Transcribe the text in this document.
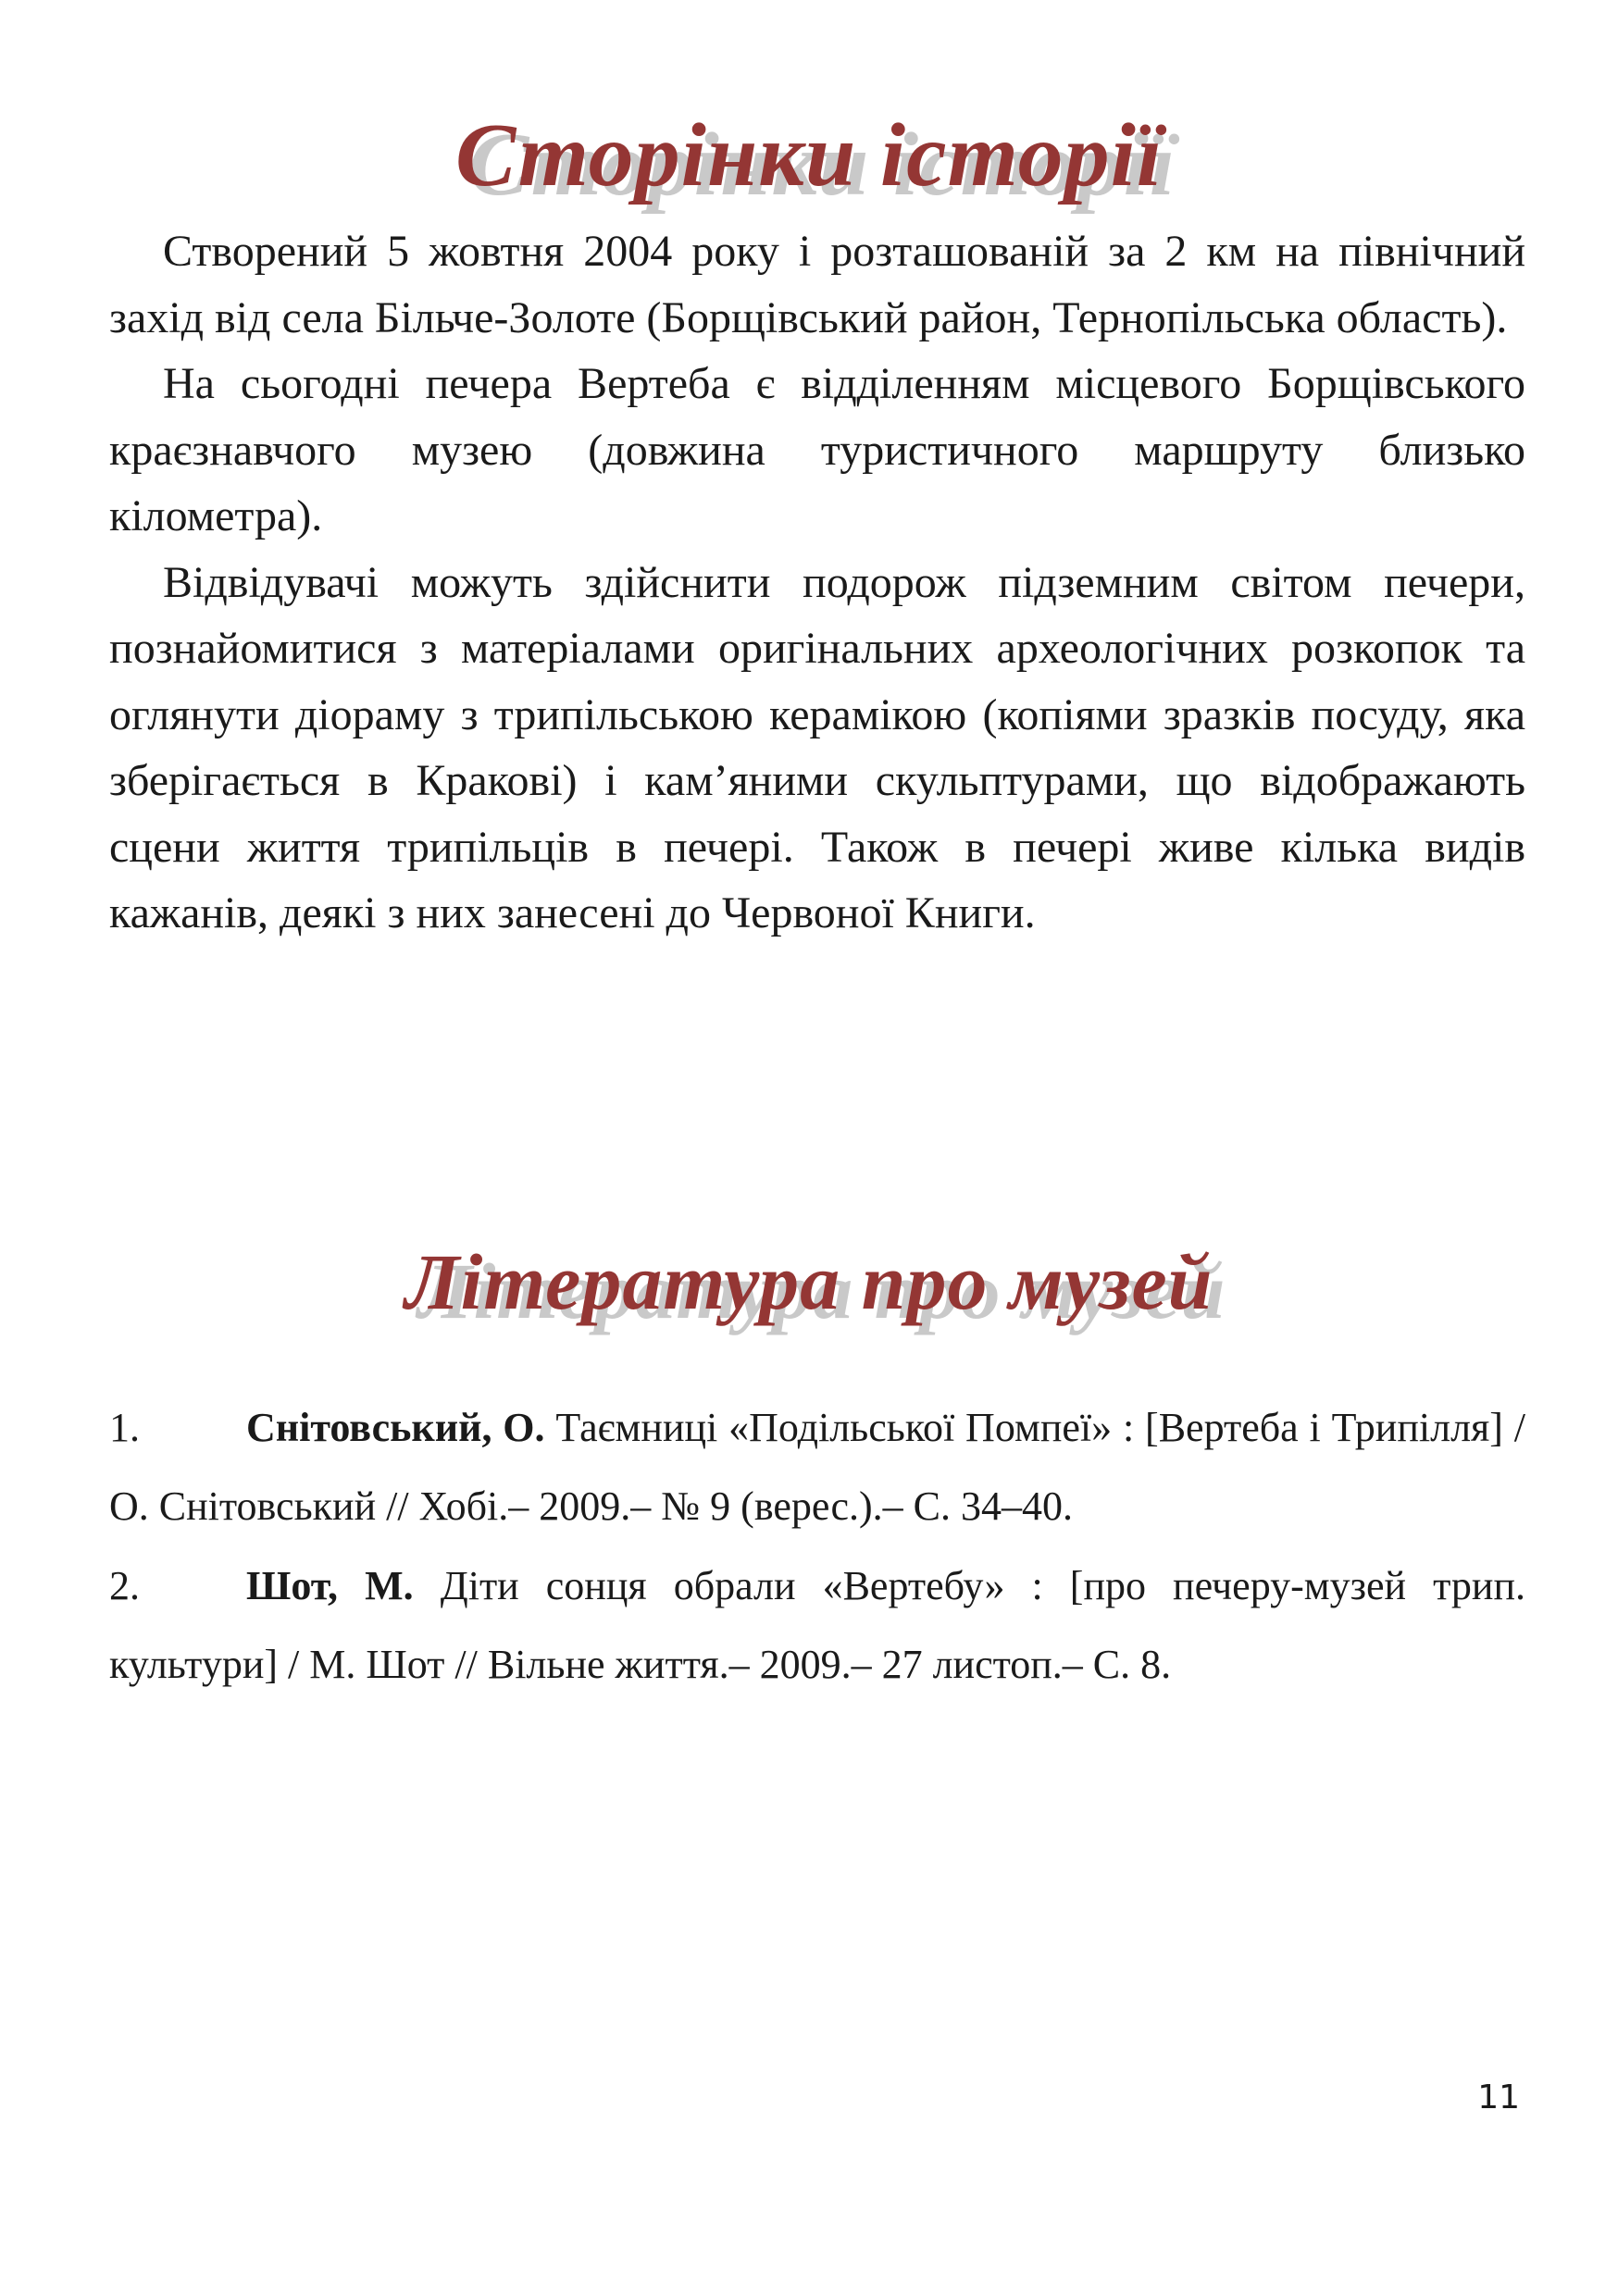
Сторінки історії

Створений 5 жовтня 2004 року і розташованій за 2 км на північний захід від села Більче-Золоте (Борщівський район, Тернопільська область).

На сьогодні печера Вертеба є відділенням місцевого Борщівського краєзнавчого музею (довжина туристичного маршруту близько кілометра).

Відвідувачі можуть здійснити подорож підземним світом печери, познайомитися з матеріалами оригінальних археологічних розкопок та оглянути діораму з трипільською керамікою (копіями зразків посуду, яка зберігається в Кракові) і кам’яними скульптурами, що відображають сцени життя трипільців в печері. Також в печері живе кілька видів кажанів, деякі з них занесені до Червоної Книги.

Література про музей

1.	Снітовський, О. Таємниці «Подільської Помпеї» : [Вертеба і Трипілля] / О. Снітовський // Хобі.– 2009.– № 9 (верес.).– С. 34–40.

2.	Шот, М. Діти сонця обрали «Вертебу» : [про печеру-музей трип. культури] / М. Шот // Вільне життя.– 2009.– 27 листоп.– С. 8.

11
